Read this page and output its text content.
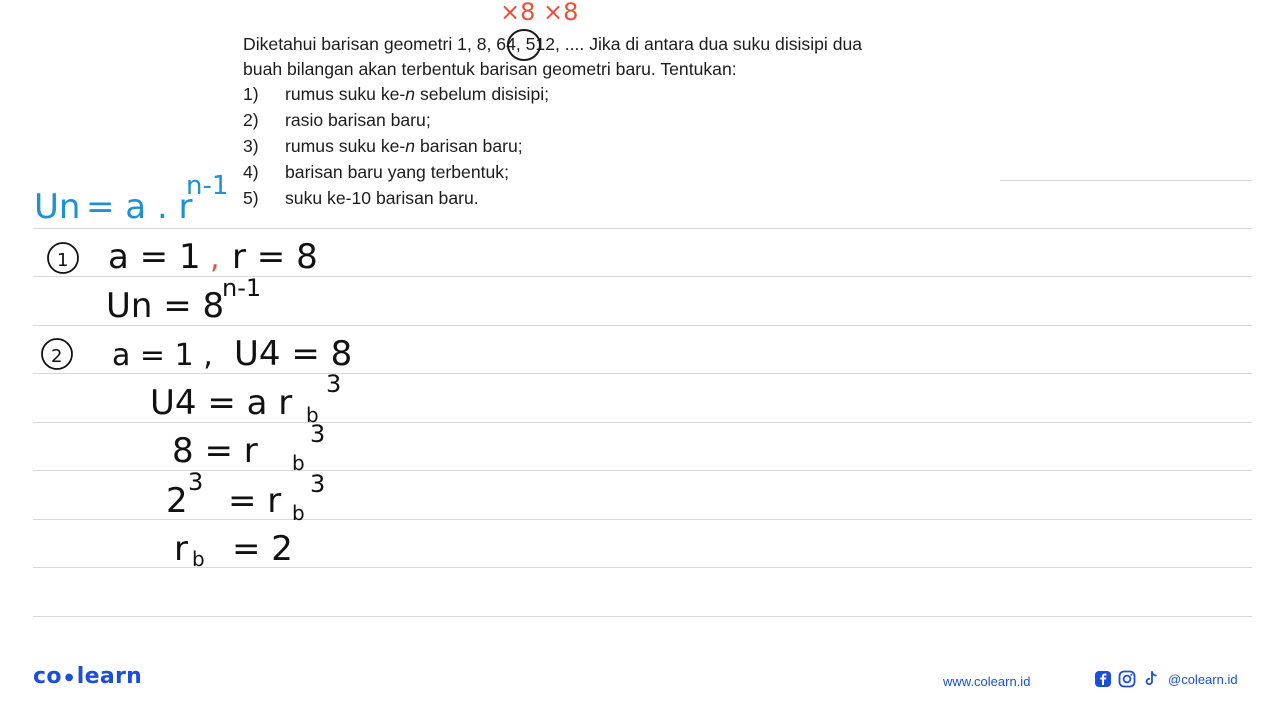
Diketahui barisan geometri 1, 8, 64, 512, .... Jika di antara dua suku disisipi dua
buah bilangan akan terbentuk barisan geometri baru. Tentukan:
1) rumus suku ke-n sebelum disisipi;
2) rasio barisan baru;
3) rumus suku ke-n barisan baru;
4) barisan baru yang terbentuk;
5) suku ke-10 barisan baru.
×8 ×8
Un = a . r
n-1
1 a = 1 , r = 8
Un = 8
n-1
2 a = 1 , U4 = 8
U4 = a r b
3
8 = r b
3
2 3 = r b
3
r b = 2
co ● learn	www.colearn.id	@colearn.id
